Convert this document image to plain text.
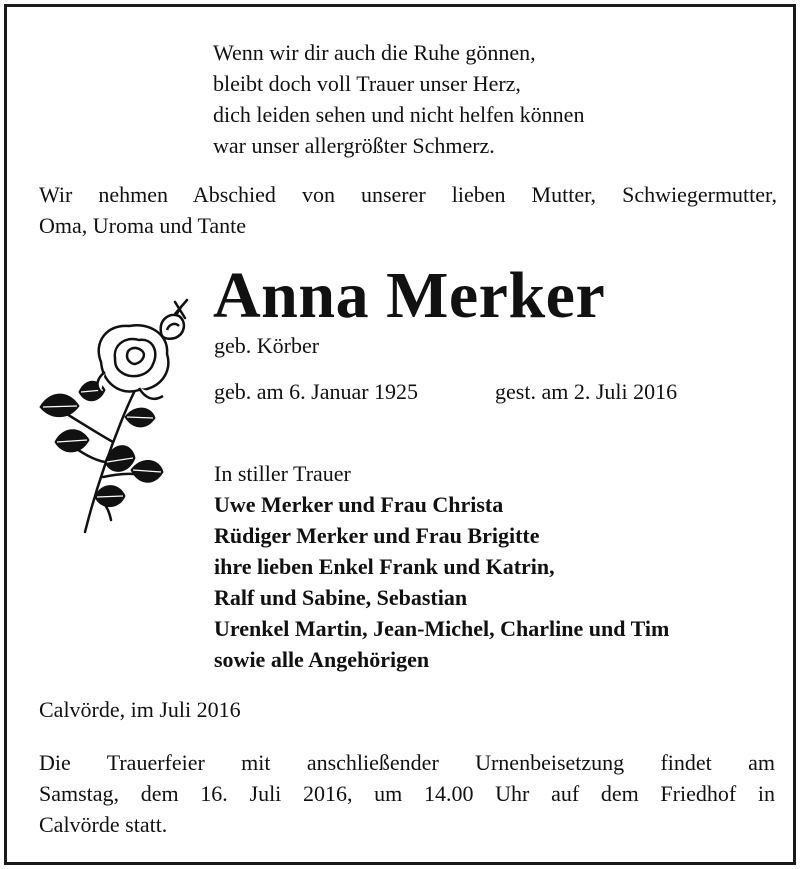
Wenn wir dir auch die Ruhe gönnen,
bleibt doch voll Trauer unser Herz,
dich leiden sehen und nicht helfen können
war unser allergrößter Schmerz.
Wir nehmen Abschied von unserer lieben Mutter, Schwiegermutter,
Oma, Uroma und Tante
Anna Merker
geb. Körber
geb. am 6. Januar 1925	gest. am 2. Juli 2016
In stiller Trauer
Uwe Merker und Frau Christa
Rüdiger Merker und Frau Brigitte
ihre lieben Enkel Frank und Katrin,
Ralf und Sabine, Sebastian
Urenkel Martin, Jean-Michel, Charline und Tim
sowie alle Angehörigen
Calvörde, im Juli 2016
Die Trauerfeier mit anschließender Urnenbeisetzung findet am
Samstag, dem 16. Juli 2016, um 14.00 Uhr auf dem Friedhof in
Calvörde statt.
